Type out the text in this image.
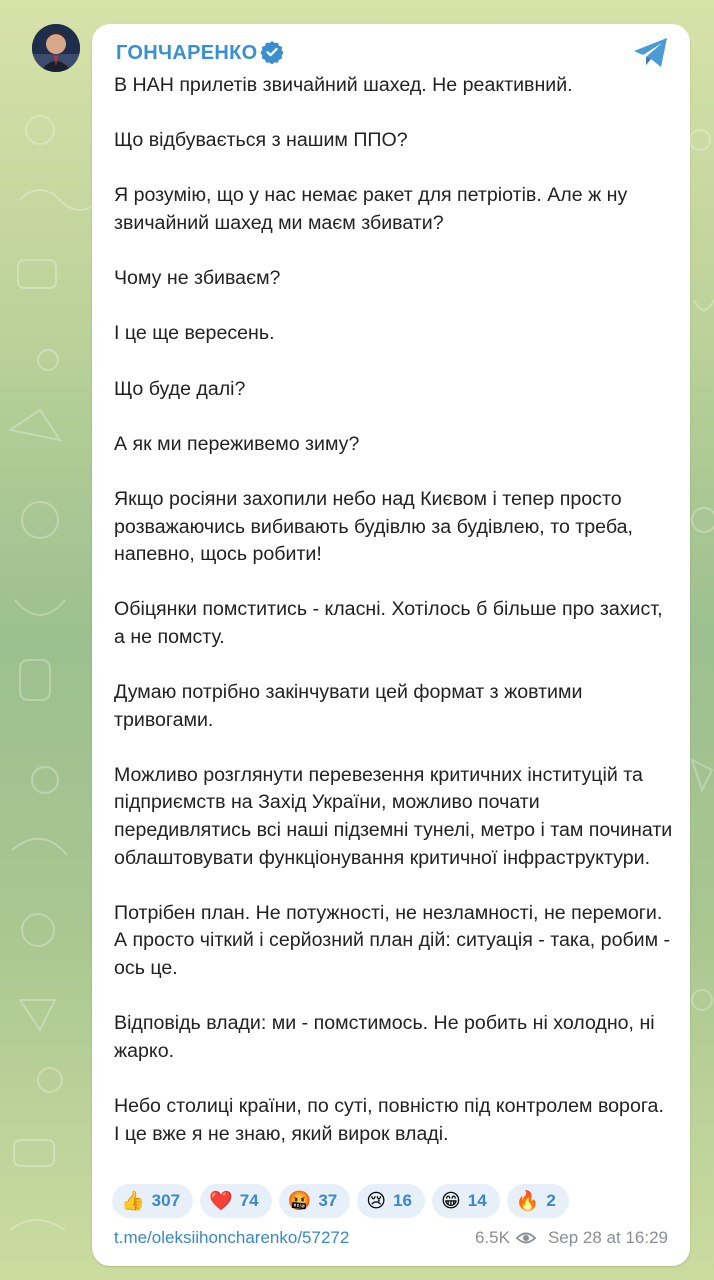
ГОНЧАРЕНКО

В НАН прилетів звичайний шахед. Не реактивний.

Що відбувається з нашим ППО?

Я розумію, що у нас немає ракет для петріотів. Але ж ну звичайний шахед ми маєм збивати?

Чому не збиваєм?

І це ще вересень.

Що буде далі?

А як ми переживемо зиму?

Якщо росіяни захопили небо над Києвом і тепер просто розважаючись вибивають будівлю за будівлею, то треба, напевно, щось робити!

Обіцянки помститись - класні. Хотілось б більше про захист, а не помсту.

Думаю потрібно закінчувати цей формат з жовтими тривогами.

Можливо розглянути перевезення критичних інституцій та підприємств на Захід України, можливо почати передивлятись всі наші підземні тунелі, метро і там починати облаштовувати функціонування критичної інфраструктури.

Потрібен план. Не потужності, не незламності, не перемоги. А просто чіткий і серйозний план дій: ситуація - така, робим - ось це.

Відповідь влади: ми - помстимось. Не робить ні холодно, ні жарко.

Небо столиці країни, по суті, повністю під контролем ворога. І це вже я не знаю, який вирок владі.

👍 307 ❤️ 74 🤬 37 😢 16 😁 14 🔥 2
t.me/oleksiihoncharenko/57272	6.5K Sep 28 at 16:29
